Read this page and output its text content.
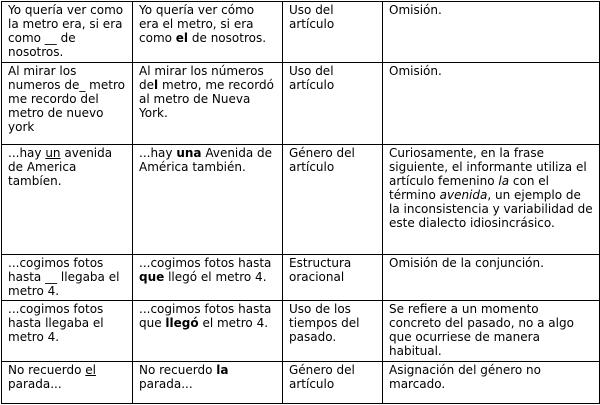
Yo quería ver como la metro era, si era como __ de nosotros.	Yo quería ver cómo era el metro, si era como el de nosotros.	Uso del artículo	Omisión.
Al mirar los numeros de_ metro me recordo del metro de nuevo york	Al mirar los números del metro, me recordó al metro de Nueva York.	Uso del artículo	Omisión.
...hay un avenida de America tambíen.	...hay una Avenida de América también.	Género del artículo	Curiosamente, en la frase siguiente, el informante utiliza el artículo femenino la con el término avenida, un ejemplo de la inconsistencia y variabilidad de este dialecto idiosincrásico.
...cogimos fotos hasta __ llegaba el metro 4.	...cogimos fotos hasta que llegó el metro 4.	Estructura oracional	Omisión de la conjunción.
...cogimos fotos hasta llegaba el metro 4.	...cogimos fotos hasta que llegó el metro 4.	Uso de los tiempos del pasado.	Se refiere a un momento concreto del pasado, no a algo que ocurriese de manera habitual.
No recuerdo el parada...	No recuerdo la parada...	Género del artículo	Asignación del género no marcado.
